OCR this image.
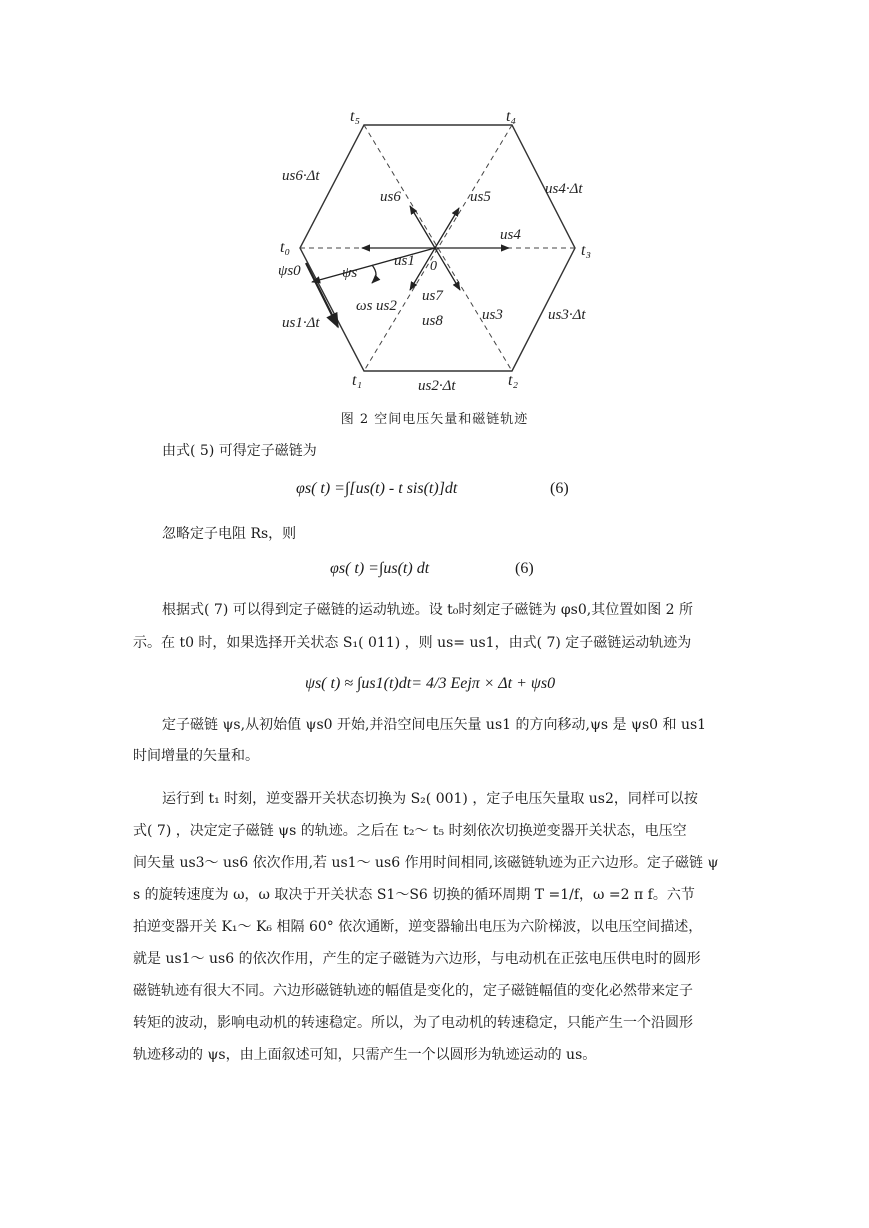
t₅	t₄
t₀	t₃
t₁	t₂
0
ψs0	ψs
ωs
us1
us2
us3
us4
us5
us6
us7
us8
us6·Δt
us4·Δt
us1·Δt
us2·Δt
us3·Δt
图 2 空间电压矢量和磁链轨迹
由式( 5) 可得定子磁链为
φs( t) =∫[us(t) - t sis(t)]dt	(6)
忽略定子电阻 Rs，则
φs( t) =∫us(t) dt	(6)
根据式( 7) 可以得到定子磁链的运动轨迹。设 t₀时刻定子磁链为 φs0,其位置如图 2 所
示。在 t0 时，如果选择开关状态 S₁( 011) ，则 us= us1，由式( 7) 定子磁链运动轨迹为
ψs( t) ≈ ∫us1(t)dt= 4/3 Eejπ × Δt + ψs0
定子磁链 ψs,从初始值 ψs0 开始,并沿空间电压矢量 us1 的方向移动,ψs 是 ψs0 和 us1
时间增量的矢量和。
运行到 t₁ 时刻，逆变器开关状态切换为 S₂( 001) ，定子电压矢量取 us2，同样可以按
式( 7) ，决定定子磁链 ψs 的轨迹。之后在 t₂～ t₅ 时刻依次切换逆变器开关状态，电压空
间矢量 us3～ us6 依次作用,若 us1～ us6 作用时间相同,该磁链轨迹为正六边形。定子磁链 ψ
s 的旋转速度为 ω，ω 取决于开关状态 S1～S6 切换的循环周期 T =1/f，ω =2 π f。六节
拍逆变器开关 K₁～ K₆ 相隔 60° 依次通断，逆变器输出电压为六阶梯波，以电压空间描述，
就是 us1～ us6 的依次作用，产生的定子磁链为六边形，与电动机在正弦电压供电时的圆形
磁链轨迹有很大不同。六边形磁链轨迹的幅值是变化的，定子磁链幅值的变化必然带来定子
转矩的波动，影响电动机的转速稳定。所以，为了电动机的转速稳定，只能产生一个沿圆形
轨迹移动的 ψs，由上面叙述可知，只需产生一个以圆形为轨迹运动的 us。
